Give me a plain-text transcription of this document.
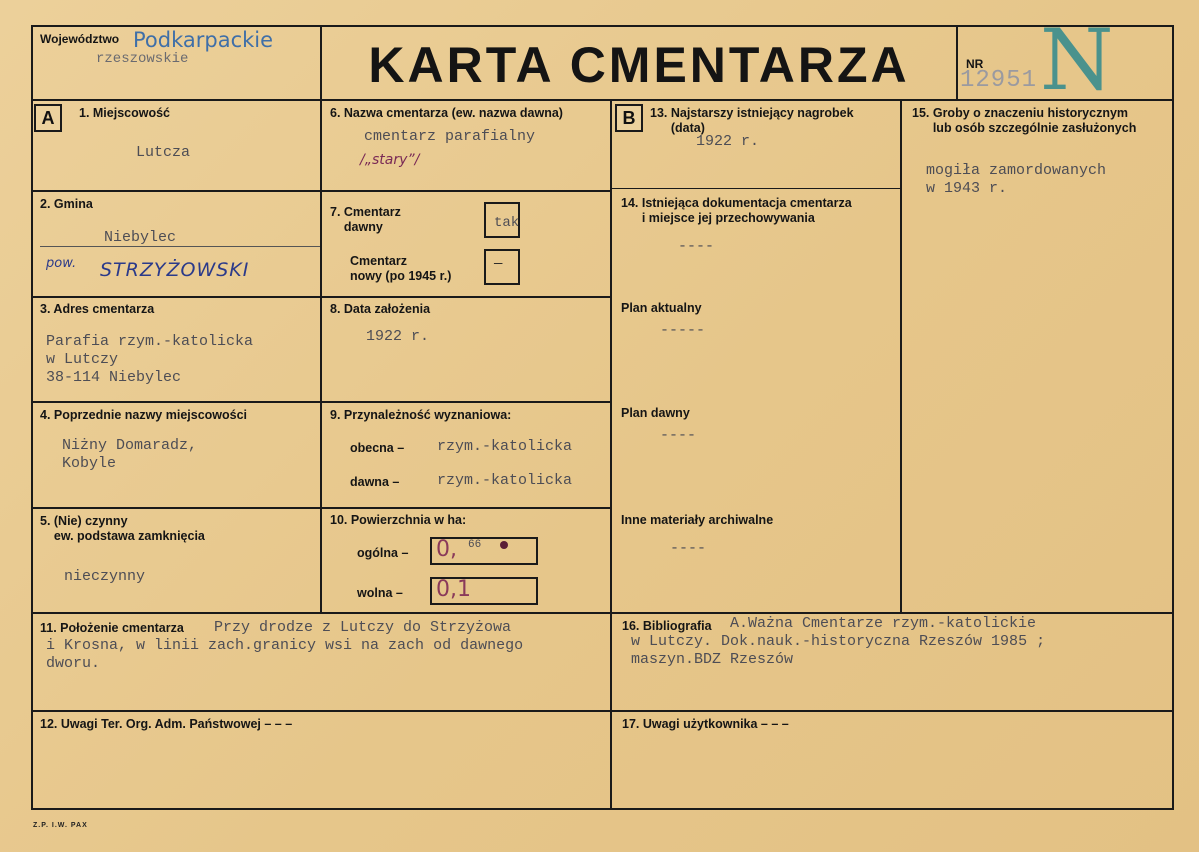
Województwo Podkarpackie
rzeszowskie	KARTA CMENTARZA	NR
12951 N
A	B
1. Miejscowość
Lutcza
2. Gmina
Niebylec
pow. STRZYŻOWSKI
3. Adres cmentarza
Parafia rzym.-katolicka
w Lutczy
38-114 Niebylec
4. Poprzednie nazwy miejscowości
Niżny Domaradz,
Kobyle
5. (Nie) czynny
ew. podstawa zamknięcia
nieczynny
6. Nazwa cmentarza (ew. nazwa dawna)
cmentarz parafialny
/„stary”/
7. Cmentarz
dawny	tak
Cmentarz
nowy (po 1945 r.)
—
8. Data założenia
1922 r.
9. Przynależność wyznaniowa:
obecna – rzym.-katolicka
dawna –	rzym.-katolicka
10. Powierzchnia w ha:
ogólna – 0, 66
wolna – 0,1
11. Położenie cmentarza Przy drodze z Lutczy do Strzyżowa
i Krosna, w linii zach.granicy wsi na zach od dawnego
dworu.
12. Uwagi Ter. Org. Adm. Państwowej – – –
13. Najstarszy istniejący nagrobek
(data)
1922 r.
14. Istniejąca dokumentacja cmentarza
i miejsce jej przechowywania
----
Plan aktualny
-----
Plan dawny
----
Inne materiały archiwalne
----
15. Groby o znaczeniu historycznym
lub osób szczególnie zasłużonych
mogiła zamordowanych
w 1943 r.
16. Bibliografia A.Ważna Cmentarze rzym.-katolickie
w Lutczy. Dok.nauk.-historyczna Rzeszów 1985 ;
maszyn.BDZ Rzeszów
17. Uwagi użytkownika – – –
Z.P. I.W. PAX
